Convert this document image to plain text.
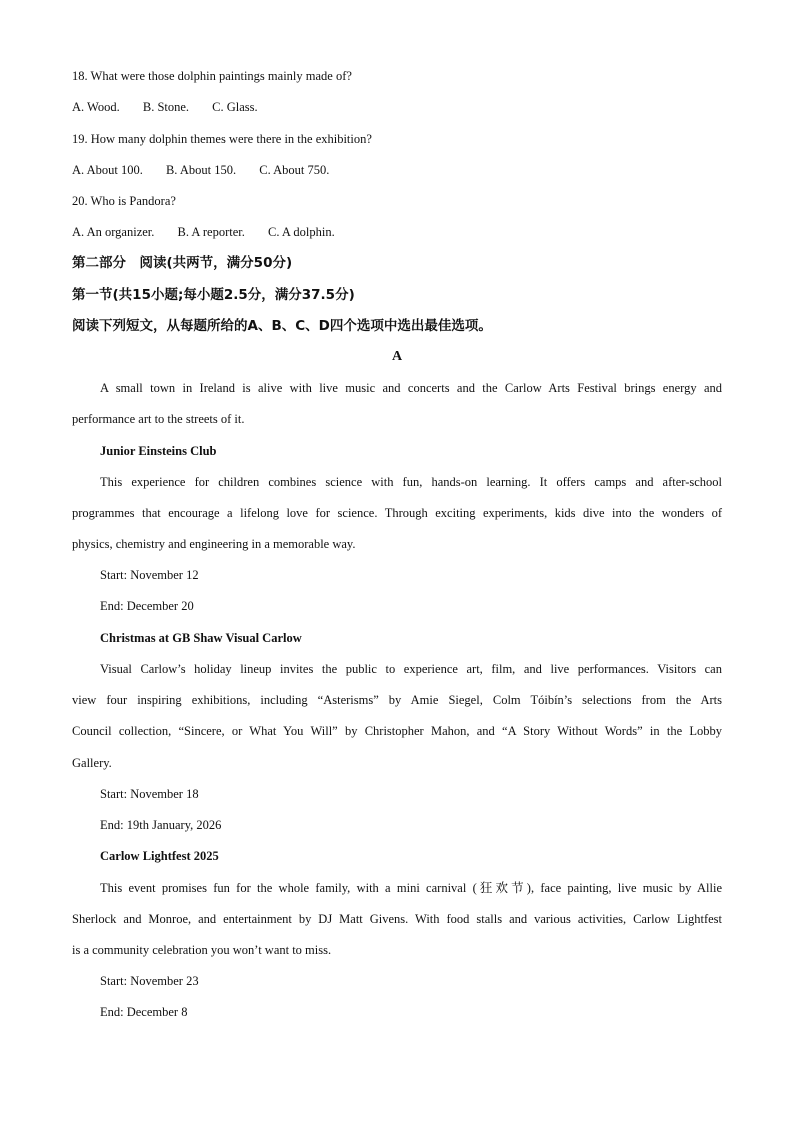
18. What were those dolphin paintings mainly made of?
A. Wood. B. Stone. C. Glass.
19. How many dolphin themes were there in the exhibition?
A. About 100. B. About 150. C. About 750.
20. Who is Pandora?
A. An organizer. B. A reporter. C. A dolphin.
第二部分　阅读(共两节，满分50分)
第一节(共15小题;每小题2.5分，满分37.5分)
阅读下列短文，从每题所给的A、B、C、D四个选项中选出最佳选项。
A
A small town in Ireland is alive with live music and concerts and the Carlow Arts Festival brings energy and
performance art to the streets of it.
Junior Einsteins Club
This experience for children combines science with fun, hands-on learning. It offers camps and after-school
programmes that encourage a lifelong love for science. Through exciting experiments, kids dive into the wonders of
physics, chemistry and engineering in a memorable way.
Start: November 12
End: December 20
Christmas at GB Shaw Visual Carlow
Visual Carlow’s holiday lineup invites the public to experience art, film, and live performances. Visitors can
view four inspiring exhibitions, including “Asterisms” by Amie Siegel, Colm Tóibín’s selections from the Arts
Council collection, “Sincere, or What You Will” by Christopher Mahon, and “A Story Without Words” in the Lobby
Gallery.
Start: November 18
End: 19th January, 2026
Carlow Lightfest 2025
This event promises fun for the whole family, with a mini carnival (狂欢节), face painting, live music by Allie
Sherlock and Monroe, and entertainment by DJ Matt Givens. With food stalls and various activities, Carlow Lightfest
is a community celebration you won’t want to miss.
Start: November 23
End: December 8
